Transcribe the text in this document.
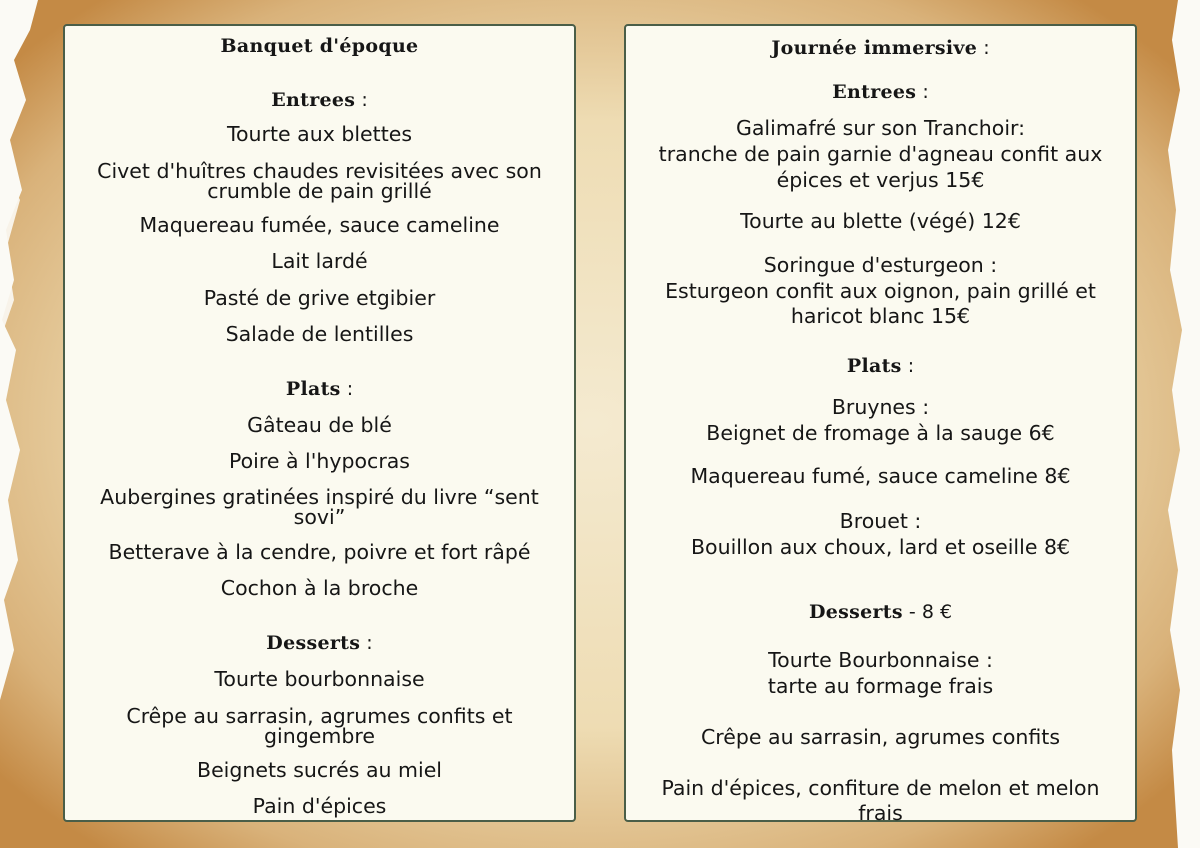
Banquet d'époque
Entrees :
Tourte aux blettes
Civet d'huîtres chaudes revisitées avec son crumble de pain grillé
Maquereau fumée, sauce cameline
Lait lardé
Pasté de grive etgibier
Salade de lentilles
Plats :
Gâteau de blé
Poire à l'hypocras
Aubergines gratinées inspiré du livre “sent sovi”
Betterave à la cendre, poivre et fort râpé
Cochon à la broche
Desserts :
Tourte bourbonnaise
Crêpe au sarrasin, agrumes confits et gingembre
Beignets sucrés au miel
Pain d'épices
Journée immersive :
Entrees :
Galimafré sur son Tranchoir:
tranche de pain garnie d'agneau confit aux
épices et verjus 15€
Tourte au blette (végé) 12€
Soringue d'esturgeon :
Esturgeon confit aux oignon, pain grillé et
haricot blanc 15€
Plats :
Bruynes :
Beignet de fromage à la sauge 6€
Maquereau fumé, sauce cameline 8€
Brouet :
Bouillon aux choux, lard et oseille 8€
Desserts - 8 €
Tourte Bourbonnaise :
tarte au formage frais
Crêpe au sarrasin, agrumes confits
Pain d'épices, confiture de melon et melon
frais
